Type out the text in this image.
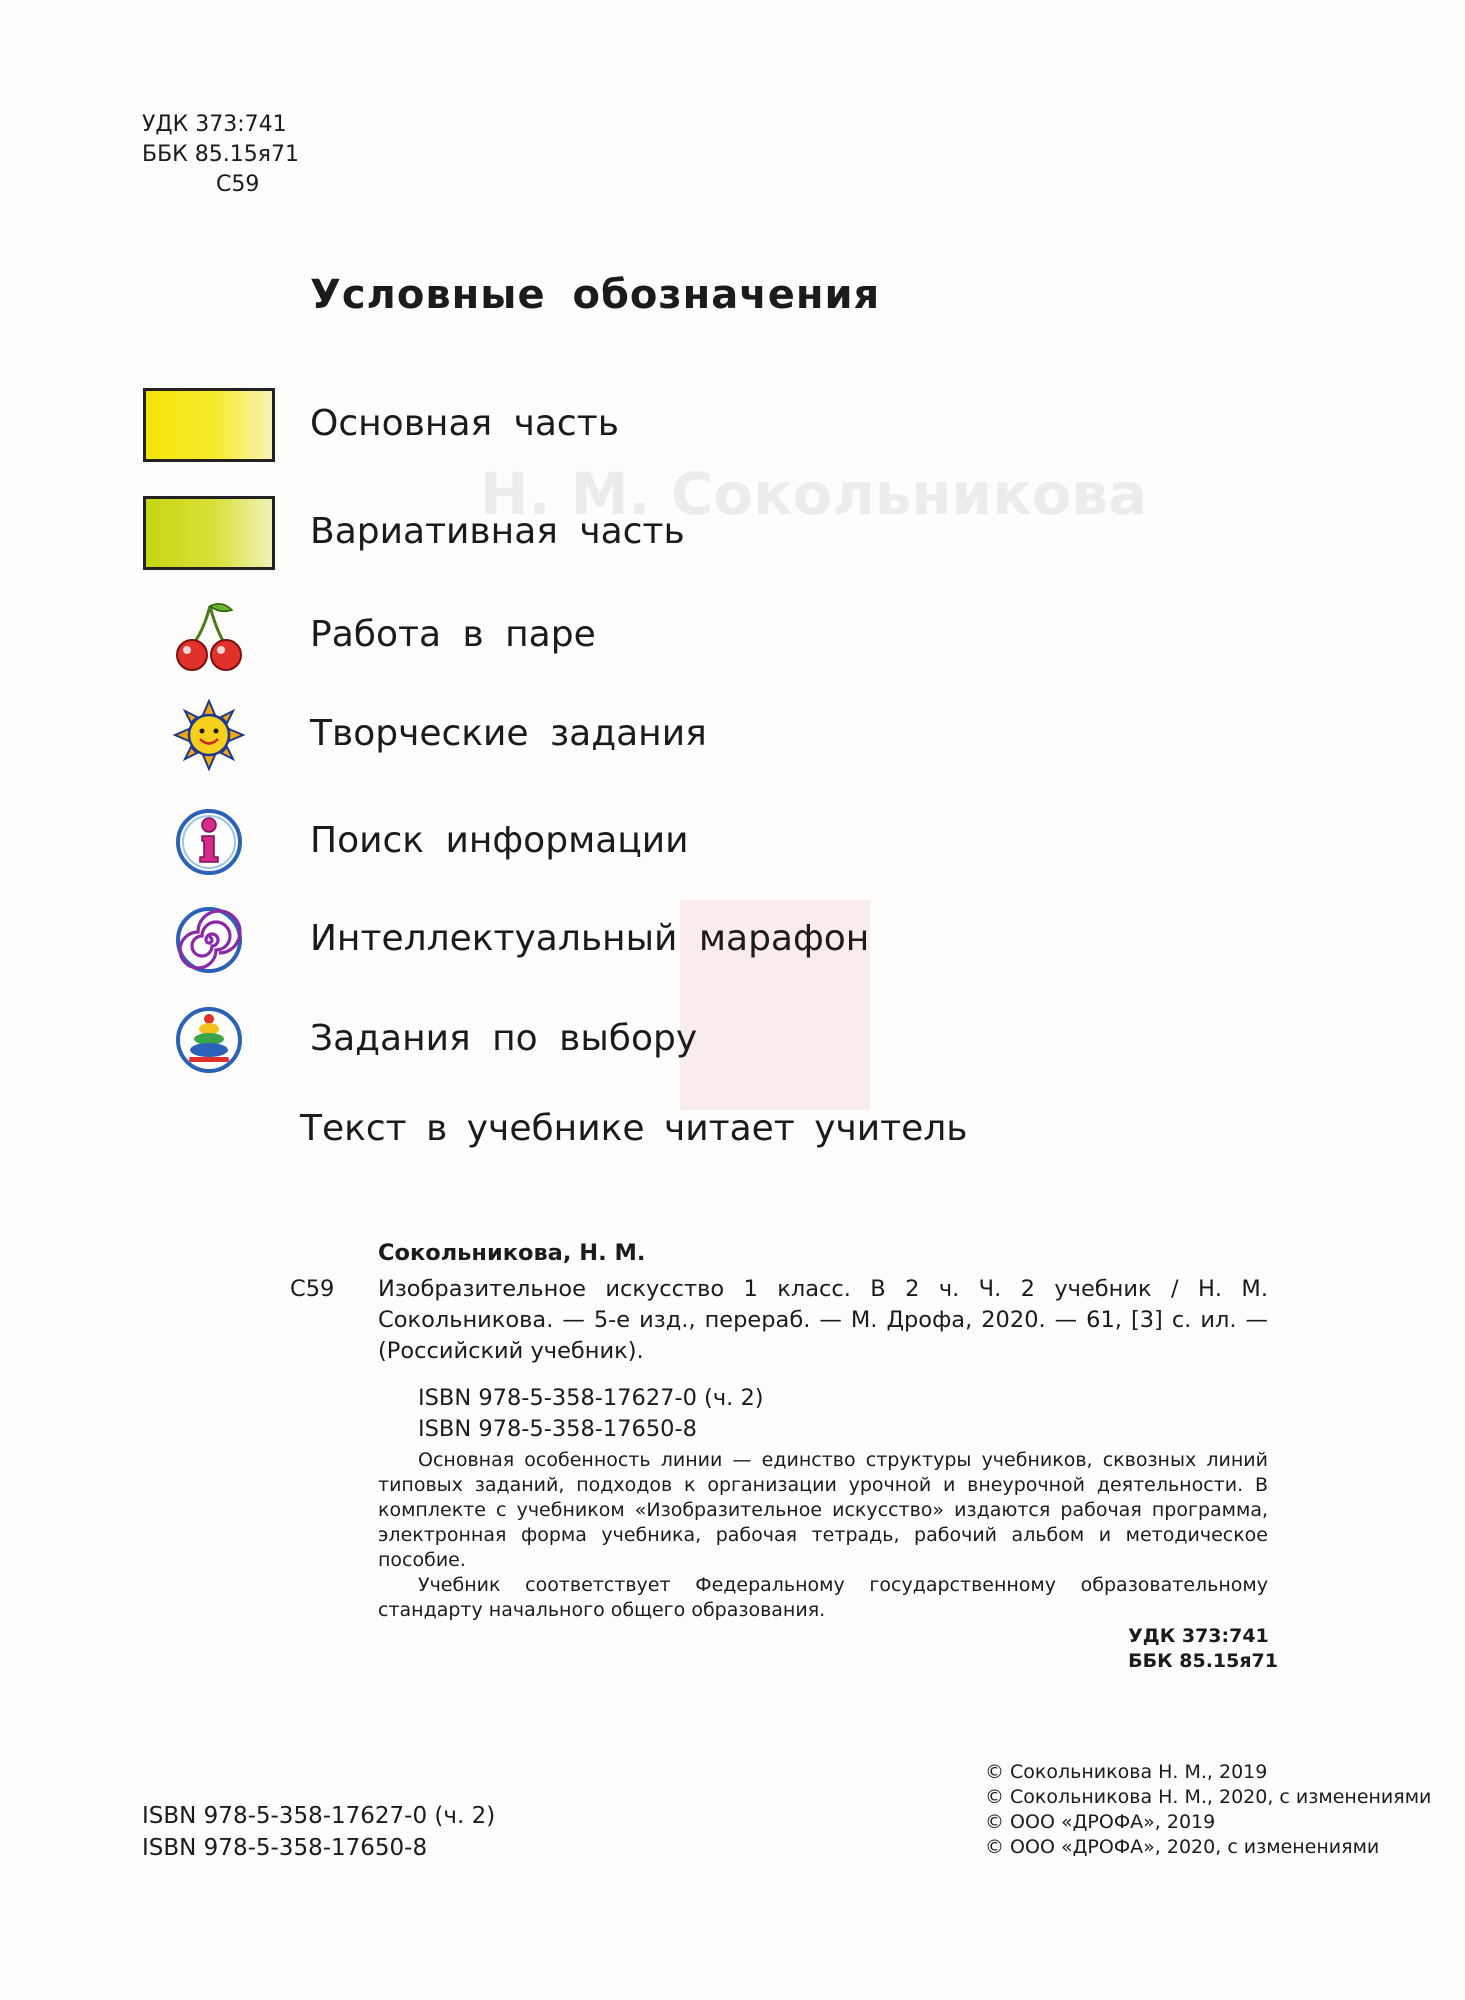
Н. М. Сокольникова
УДК 373:741
ББК 85.15я71
С59
Условные обозначения
Основная часть
Вариативная часть
Работа в паре
Творческие задания
Поиск информации
Интеллектуальный марафон
Задания по выбору
Текст в учебнике читает учитель
Сокольникова, Н. М.
С59 Изобразительное искусство 1 класс. В 2 ч. Ч. 2 учебник / Н. М. Сокольникова. — 5-е изд., перераб. — М. Дрофа, 2020. — 61, [3] с. ил. — (Российский учебник).
ISBN 978-5-358-17627-0 (ч. 2)
ISBN 978-5-358-17650-8

Основная особенность линии — единство структуры учебников, сквозных линий типовых заданий, подходов к организации урочной и внеурочной деятельности. В комплекте с учебником «Изобразительное искусство» издаются рабочая программа, электронная форма учебника, рабочая тетрадь, рабочий альбом и методическое пособие.

Учебник соответствует Федеральному государственному образовательному стандарту начального общего образования.

УДК 373:741
ББК 85.15я71
ISBN 978-5-358-17627-0 (ч. 2)
ISBN 978-5-358-17650-8
© Сокольникова Н. М., 2019
© Сокольникова Н. М., 2020, с изменениями
© ООО «ДРОФА», 2019
© ООО «ДРОФА», 2020, с изменениями
